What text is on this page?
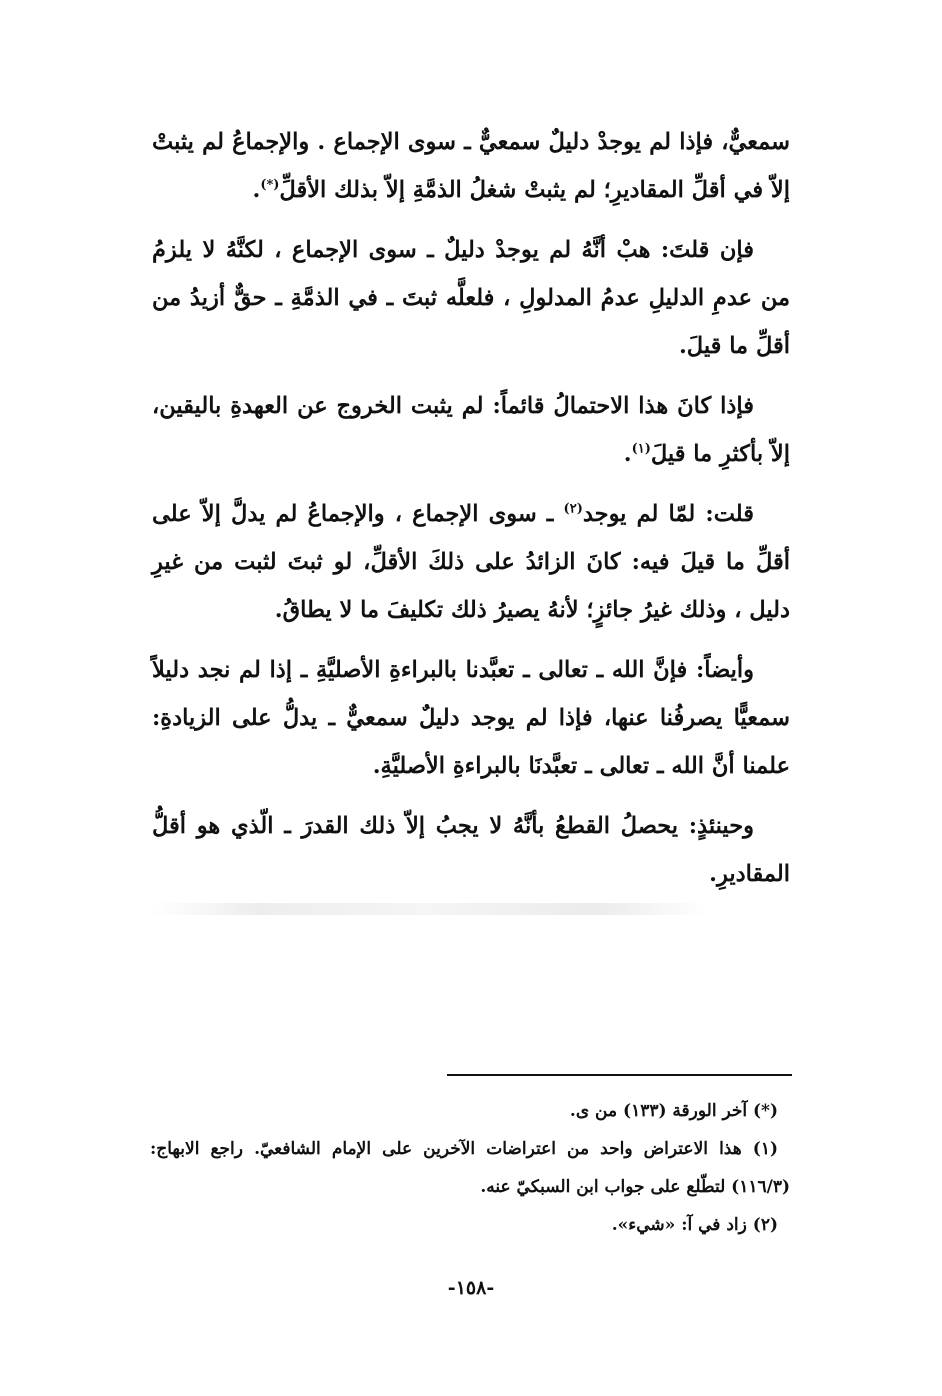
سمعيٌّ، فإذا لم يوجدْ دليلٌ سمعيٌّ ـ سوى الإجماع . والإجماعُ لم يثبتْ إلاّ في أقلِّ المقاديرِ؛ لم يثبتْ شغلُ الذمَّةِ إلاّ بذلك الأقلِّ(*).

فإن قلتَ: هبْ أنَّهُ لم يوجدْ دليلٌ ـ سوى الإجماع ، لكنَّهُ لا يلزمُ من عدمِ الدليلِ عدمُ المدلولِ ، فلعلَّه ثبتَ ـ في الذمَّةِ ـ حقٌّ أزيدُ من أقلِّ ما قيلَ.

فإذا كانَ هذا الاحتمالُ قائماً: لم يثبت الخروج عن العهدةِ باليقين، إلاّ بأكثرِ ما قيلَ$^{(١)}$.

قلت: لمّا لم يوجد$^{(٢)}$ ـ سوى الإجماع ، والإجماعُ لم يدلَّ إلاّ على أقلِّ ما قيلَ فيه: كانَ الزائدُ على ذلكَ الأقلِّ، لو ثبتَ لثبت من غيرِ دليل ، وذلك غيرُ جائزٍ؛ لأنهُ يصيرُ ذلك تكليفَ ما لا يطاقُ.

وأيضاً: فإنَّ الله ـ تعالى ـ تعبَّدنا بالبراءةِ الأصليَّةِ ـ إذا لم نجد دليلاً سمعيًّا يصرفُنا عنها، فإذا لم يوجد دليلٌ سمعيٌّ ـ يدلُّ على الزيادةِ: علمنا أنَّ الله ـ تعالى ـ تعبَّدنَا بالبراءةِ الأصليَّةِ.

وحينئذٍ: يحصلُ القطعُ بأنَّهُ لا يجبُ إلاّ ذلك القدرَ ـ الّذي هو أقلُّ المقاديرِ.

(*) آخر الورقة (١٣٣) من ى.

(١) هذا الاعتراض واحد من اعتراضات الآخرين على الإمام الشافعيّ. راجع الابهاج: (١١٦/٣) لتطّلع على جواب ابن السبكيّ عنه.

(٢) زاد في آ: «شيء».

-١٥٨-
